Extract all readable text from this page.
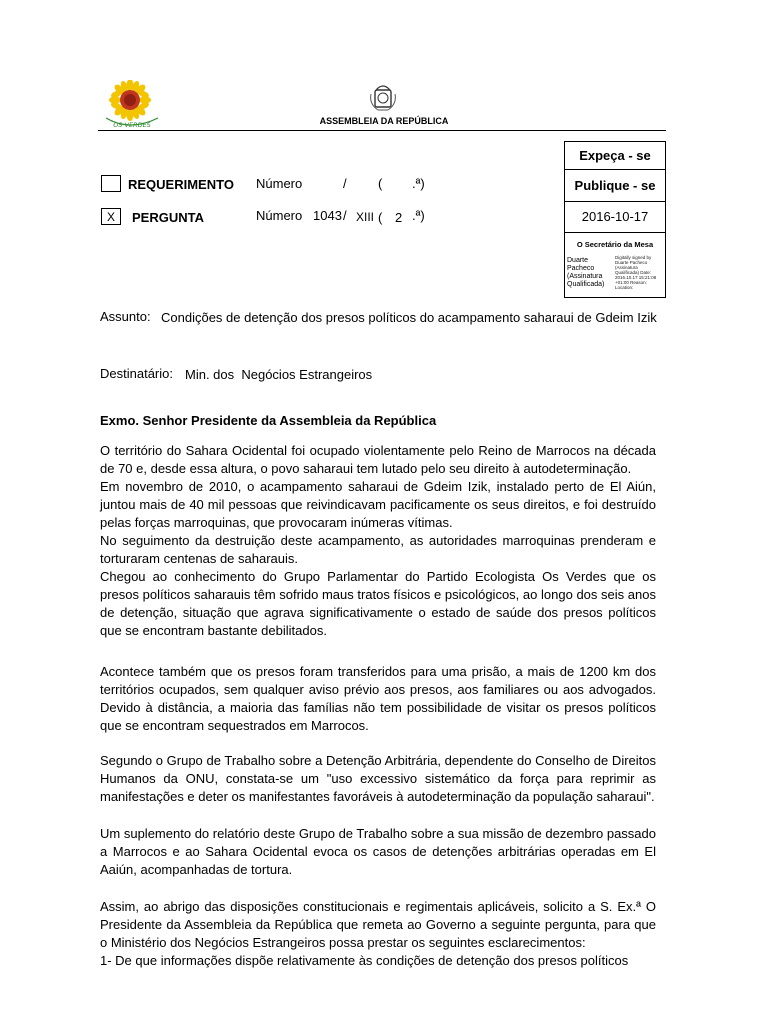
OS VERDES	ASSEMBLEIA DA REPÚBLICA
REQUERIMENTO Número	/ ( .ª)
X	PERGUNTA	Número 1043 / XIII ( 2 .ª)
Expeça - se
Publique - se
2016-10-17
O Secretário da Mesa
Duarte Pacheco (Assinatura Qualificada)
Digitally signed by Duarte Pacheco (Assinatura Qualificada) Date: 2016.10.17 15:21:08 +01:00 Reason: Location:
Assunto: Condições de detenção dos presos políticos do acampamento saharaui de Gdeim Izik
Destinatário: Min. dos  Negócios Estrangeiros
Exmo. Senhor Presidente da Assembleia da República

O território do Sahara Ocidental foi ocupado violentamente pelo Reino de Marrocos na década de 70 e, desde essa altura, o povo saharaui tem lutado pelo seu direito à autodeterminação.

Em novembro de 2010, o acampamento saharaui de Gdeim Izik, instalado perto de El Aiún, juntou mais de 40 mil pessoas que reivindicavam pacificamente os seus direitos, e foi destruído pelas forças marroquinas, que provocaram inúmeras vítimas.

No seguimento da destruição deste acampamento, as autoridades marroquinas prenderam e torturaram centenas de saharauis.

Chegou ao conhecimento do Grupo Parlamentar do Partido Ecologista Os Verdes que os presos políticos saharauis têm sofrido maus tratos físicos e psicológicos, ao longo dos seis anos de detenção, situação que agrava significativamente o estado de saúde dos presos políticos que se encontram bastante debilitados.

Acontece também que os presos foram transferidos para uma prisão, a mais de 1200 km dos territórios ocupados, sem qualquer aviso prévio aos presos, aos familiares ou aos advogados. Devido à distância, a maioria das famílias não tem possibilidade de visitar os presos políticos que se encontram sequestrados em Marrocos.
Segundo o Grupo de Trabalho sobre a Detenção Arbitrária, dependente do Conselho de Direitos Humanos da ONU, constata-se um "uso excessivo sistemático da força para reprimir as manifestações e deter os manifestantes favoráveis à autodeterminação da população saharaui".
Um suplemento do relatório deste Grupo de Trabalho sobre a sua missão de dezembro passado a Marrocos e ao Sahara Ocidental evoca os casos de detenções arbitrárias operadas em El Aaiún, acompanhadas de tortura.

Assim, ao abrigo das disposições constitucionais e regimentais aplicáveis, solicito a S. Ex.ª O Presidente da Assembleia da República que remeta ao Governo a seguinte pergunta, para que o Ministério dos Negócios Estrangeiros possa prestar os seguintes esclarecimentos:

1- De que informações dispõe relativamente às condições de detenção dos presos políticos
